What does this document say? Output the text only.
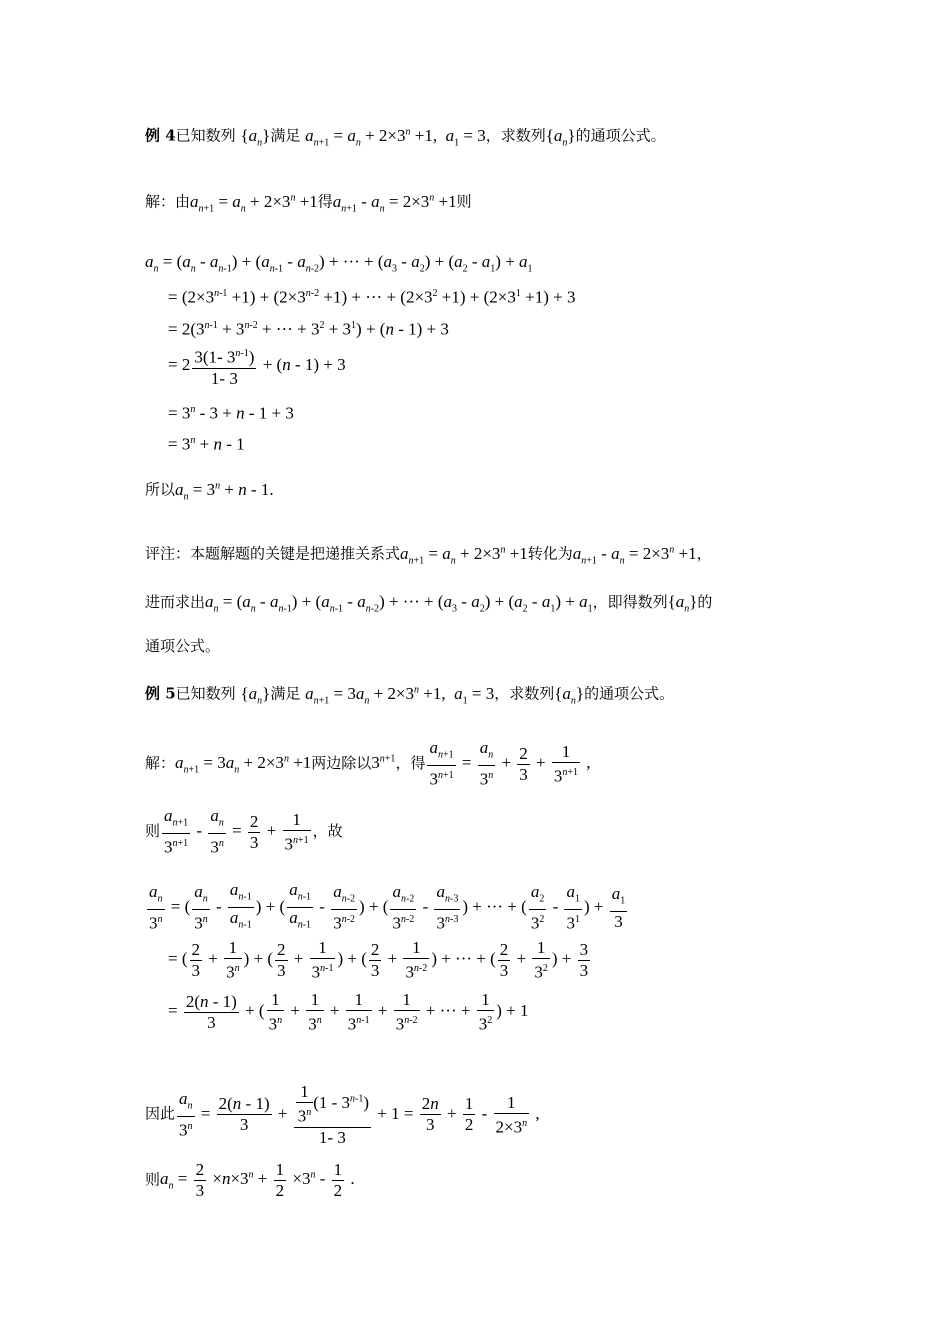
例 4已知数列 $\{a_n\}$满足 $a_{n+1} = a_n + 2\times 3^n +1$,  $a_1 = 3$，求数列$\{a_n\}$的通项公式。
解：由$a_{n+1} = a_n + 2\times 3^n +1$得$a_{n+1} - a_n = 2\times 3^n +1$则
$a_n = (a_n - a_{n-1}) + (a_{n-1} - a_{n-2})$ + ··· + $(a_3 - a_2) + (a_2 - a_1) + a_1$
= $(2\times 3^{n-1} +1) + (2\times 3^{n-2} +1)$ + ··· + $(2\times 3^2 +1) + (2\times 3^1 +1) + 3$
= $2(3^{n-1} + 3^{n-2}$ + ··· + $3^2 + 3^1) + (n - 1) + 3$
= $2 \frac{3(1- 3^{n-1})}{1- 3} + (n - 1) + 3$
= $3^n - 3 + n - 1 + 3$
= $3^n + n - 1$
所以$a_n = 3^n + n - 1$.
评注：本题解题的关键是把递推关系式$a_{n+1} = a_n + 2\times 3^n +1$转化为$a_{n+1} - a_n = 2\times 3^n +1$，
进而求出$a_n = (a_n - a_{n-1}) + (a_{n-1} - a_{n-2})$ + ··· + $(a_3 - a_2) + (a_2 - a_1) + a_1$，即得数列$\{a_n\}$的
通项公式。
例 5已知数列 $\{a_n\}$满足 $a_{n+1} = 3a_n + 2\times 3^n +1$,  $a_1 = 3$，求数列$\{a_n\}$的通项公式。
解：$a_{n+1} = 3a_n + 2\times 3^n +1$两边除以$3^{n+1}$，得 $\frac{a_{n+1}}{3^{n+1}} = \frac{a_n}{3^n} + \frac{2}{3} + \frac{1}{3^{n+1}}$ ,
则 $\frac{a_{n+1}}{3^{n+1}} - \frac{a_n}{3^n} = \frac{2}{3} + \frac{1}{3^{n+1}}$ ，故
$\frac{a_n}{3^n}$ = ( $\frac{a_n}{3^n} - \frac{a_{n-1}}{a_{n-1}}$ ) + ( $\frac{a_{n-1}}{a_{n-1}} - \frac{a_{n-2}}{3^{n-2}}$ ) + ( $\frac{a_{n-2}}{3^{n-2}} - \frac{a_{n-3}}{3^{n-3}}$ ) + ··· + ( $\frac{a_2}{3^2} - \frac{a_1}{3^1}$ ) + $\frac{a_1}{3}$
= ( $\frac{2}{3} + \frac{1}{3^n}$ ) + ( $\frac{2}{3} + \frac{1}{3^{n-1}}$ ) + ( $\frac{2}{3} + \frac{1}{3^{n-2}}$ ) + ··· + ( $\frac{2}{3} + \frac{1}{3^2}$ ) + $\frac{3}{3}$
= $\frac{2(n - 1)}{3}$ + ( $\frac{1}{3^n} + \frac{1}{3^n} + \frac{1}{3^{n-1}} + \frac{1}{3^{n-2}}$ + ··· + $\frac{1}{3^2}$ ) + 1
因此 $\frac{a_n}{3^n} = \frac{2(n - 1)}{3} + \frac{\frac{1}{3^n} (1 - 3^{n-1})}{1- 3} + 1 = \frac{2n}{3} + \frac{1}{2} - \frac{1}{2\times 3^n}$ ,
则$a_n = \frac{2}{3} \times n\times 3^n + \frac{1}{2} \times 3^n - \frac{1}{2}$ .
